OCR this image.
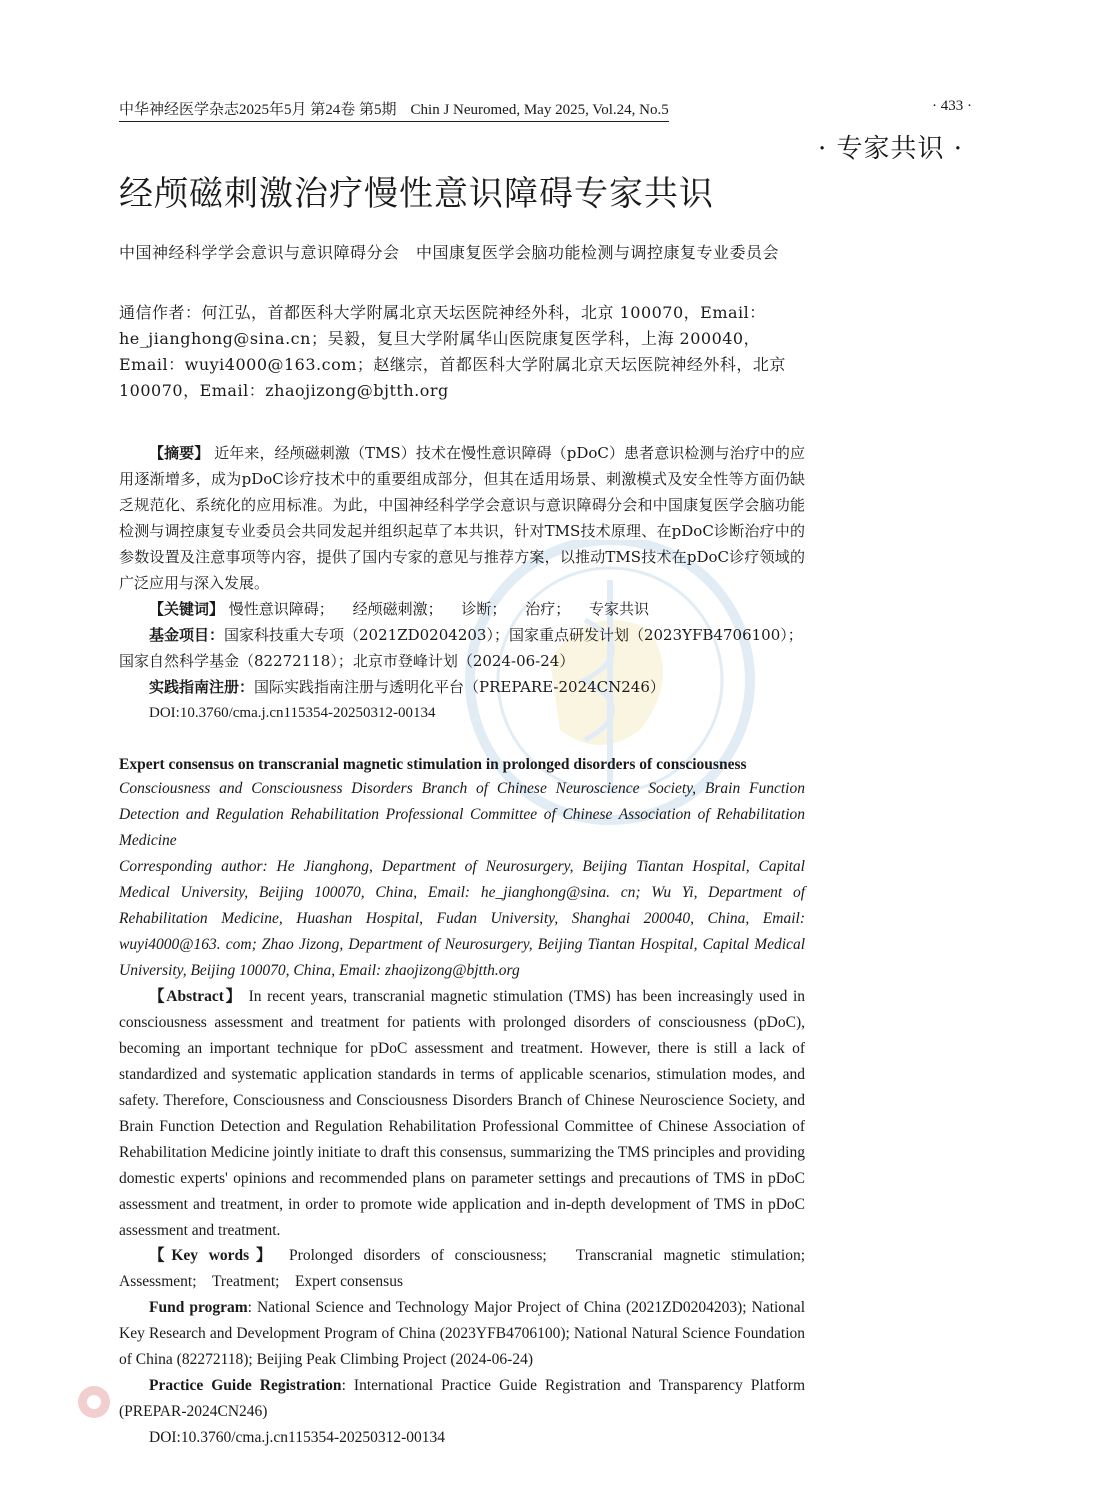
中华神经医学杂志2025年5月 第24卷 第5期 Chin J Neuromed, May 2025, Vol.24, No.5	· 433 ·
· 专家共识 ·
经颅磁刺激治疗慢性意识障碍专家共识
中国神经科学学会意识与意识障碍分会　中国康复医学会脑功能检测与调控康复专业委员会
通信作者：何江弘，首都医科大学附属北京天坛医院神经外科，北京 100070，Email：he_jianghong@sina.cn；吴毅，复旦大学附属华山医院康复医学科，上海 200040，Email：wuyi4000@163.com；赵继宗，首都医科大学附属北京天坛医院神经外科，北京 100070，Email：zhaojizong@bjtth.org
【摘要】 近年来，经颅磁刺激（TMS）技术在慢性意识障碍（pDoC）患者意识检测与治疗中的应用逐渐增多，成为pDoC诊疗技术中的重要组成部分，但其在适用场景、刺激模式及安全性等方面仍缺乏规范化、系统化的应用标准。为此，中国神经科学学会意识与意识障碍分会和中国康复医学会脑功能检测与调控康复专业委员会共同发起并组织起草了本共识，针对TMS技术原理、在pDoC诊断治疗中的参数设置及注意事项等内容，提供了国内专家的意见与推荐方案，以推动TMS技术在pDoC诊疗领域的广泛应用与深入发展。
【关键词】 慢性意识障碍； 经颅磁刺激； 诊断； 治疗； 专家共识
基金项目：国家科技重大专项（2021ZD0204203）；国家重点研发计划（2023YFB4706100）；国家自然科学基金（82272118）；北京市登峰计划（2024-06-24）
实践指南注册：国际实践指南注册与透明化平台（PREPARE-2024CN246）
DOI:10.3760/cma.j.cn115354-20250312-00134
Expert consensus on transcranial magnetic stimulation in prolonged disorders of consciousness
Consciousness and Consciousness Disorders Branch of Chinese Neuroscience Society, Brain Function Detection and Regulation Rehabilitation Professional Committee of Chinese Association of Rehabilitation Medicine
Corresponding author: He Jianghong, Department of Neurosurgery, Beijing Tiantan Hospital, Capital Medical University, Beijing 100070, China, Email: he_jianghong@sina. cn; Wu Yi, Department of Rehabilitation Medicine, Huashan Hospital, Fudan University, Shanghai 200040, China, Email: wuyi4000@163. com; Zhao Jizong, Department of Neurosurgery, Beijing Tiantan Hospital, Capital Medical University, Beijing 100070, China, Email: zhaojizong@bjtth.org
【Abstract】 In recent years, transcranial magnetic stimulation (TMS) has been increasingly used in consciousness assessment and treatment for patients with prolonged disorders of consciousness (pDoC), becoming an important technique for pDoC assessment and treatment. However, there is still a lack of standardized and systematic application standards in terms of applicable scenarios, stimulation modes, and safety. Therefore, Consciousness and Consciousness Disorders Branch of Chinese Neuroscience Society, and Brain Function Detection and Regulation Rehabilitation Professional Committee of Chinese Association of Rehabilitation Medicine jointly initiate to draft this consensus, summarizing the TMS principles and providing domestic experts' opinions and recommended plans on parameter settings and precautions of TMS in pDoC assessment and treatment, in order to promote wide application and in-depth development of TMS in pDoC assessment and treatment.
【Key words】 Prolonged disorders of consciousness;　Transcranial magnetic stimulation;　Assessment;　Treatment;　Expert consensus
Fund program: National Science and Technology Major Project of China (2021ZD0204203); National Key Research and Development Program of China (2023YFB4706100); National Natural Science Foundation of China (82272118); Beijing Peak Climbing Project (2024-06-24)
Practice Guide Registration: International Practice Guide Registration and Transparency Platform (PREPAR-2024CN246)
DOI:10.3760/cma.j.cn115354-20250312-00134
